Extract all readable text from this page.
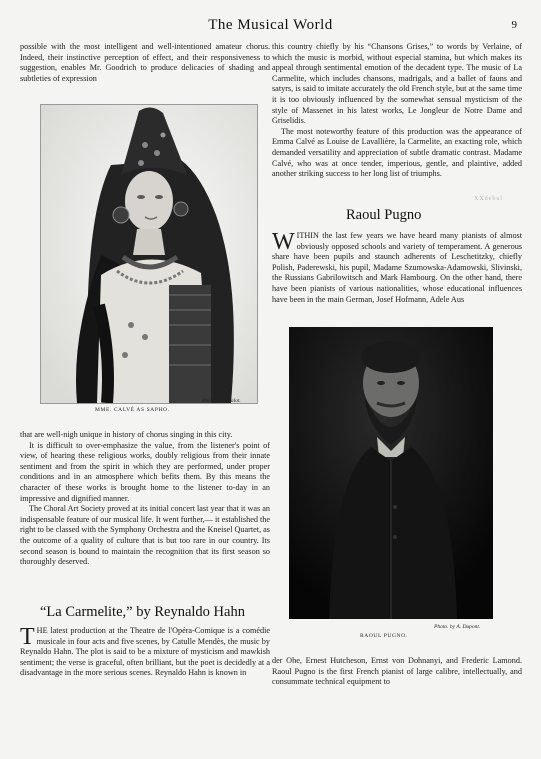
The Musical World	9

possible with the most intelligent and well-intentioned amateur chorus. Indeed, their instinctive perception of effect, and their responsiveness to suggestion, enables Mr. Goodrich to produce delicacies of shading and subtleties of expression

MME. CALVÉ AS SAPHO.
Photo. by Chalot.

that are well-nigh unique in history of chorus singing in this city.

It is difficult to over-emphasize the value, from the listener's point of view, of hearing these religious works, doubly religious from their innate sentiment and from the spirit in which they are performed, under proper conditions and in an atmosphere which befits them. By this means the character of these works is brought home to the listener to-day in an impressive and dignified manner.

The Choral Art Society proved at its initial concert last year that it was an indispensable feature of our musical life. It went further,— it established the right to be classed with the Symphony Orchestra and the Kneisel Quartet, as the outcome of a quality of culture that is but too rare in our country. Its second season is bound to maintain the recognition that its first season so thoroughly deserved.

“La Carmelite,” by Reynaldo Hahn

THE latest production at the Theatre de l'Opéra-Comique is a comédie musicale in four acts and five scenes, by Catulle Mendès, the music by Reynaldo Hahn. The plot is said to be a mixture of mysticism and mawkish sentiment; the verse is graceful, often brilliant, but the poet is decidedly at a disadvantage in the more serious scenes. Reynaldo Hahn is known in

this country chiefly by his “Chansons Grises,” to words by Verlaine, of which the music is morbid, without especial stamina, but which makes its appeal through sentimental emotion of the decadent type. The music of La Carmelite, which includes chansons, madrigals, and a ballet of fauns and satyrs, is said to imitate accurately the old French style, but at the same time it is too obviously influenced by the somewhat sensual mysticism of the style of Massenet in his latest works, Le Jongleur de Notre Dame and Griselidis.

The most noteworthy feature of this production was the appearance of Emma Calvé as Louise de Lavallière, la Carmelite, an exacting role, which demanded versatility and appreciation of subtle dramatic contrast. Madame Calvé, who was at once tender, imperious, gentle, and plaintive, added another striking success to her long list of triumphs.

XXdebul
Raoul Pugno

WITHIN the last few years we have heard many pianists of almost obviously opposed schools and variety of temperament. A generous share have been pupils and staunch adherents of Leschetitzky, chiefly Polish, Paderewski, his pupil, Madame Szumowska-Adamowski, Slivinski, the Russians Gabrilowitsch and Mark Hambourg. On the other hand, there have been pianists of various nationalities, whose educational influences have been in the main German, Josef Hofmann, Adele Aus

Photo. by A. Dupont.
RAOUL PUGNO.

der Ohe, Ernest Hutcheson, Ernst von Dohnanyi, and Frederic Lamond. Raoul Pugno is the first French pianist of large calibre, intellectually, and consummate technical equipment to
